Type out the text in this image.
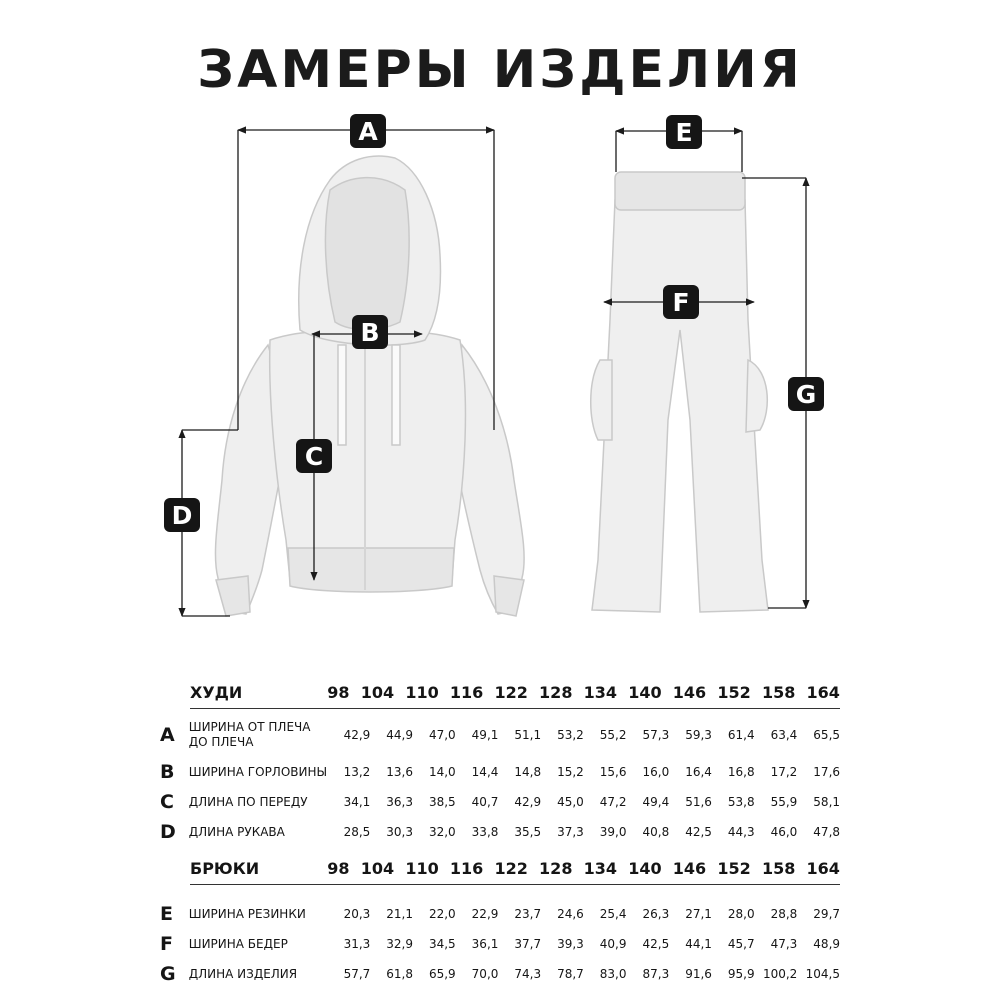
ЗАМЕРЫ ИЗДЕЛИЯ
A
B
C
D
E
F
G
ХУДИ	98 104 110 116 122 128 134 140 146 152 158 164
A	ШИРИНА ОТ ПЛЕЧА ДО ПЛЕЧА	42,9	44,9	47,0	49,1	51,1	53,2	55,2	57,3	59,3	61,4	63,4	65,5
B	ШИРИНА ГОРЛОВИНЫ	13,2	13,6	14,0	14,4	14,8	15,2	15,6	16,0	16,4	16,8	17,2	17,6
C	ДЛИНА ПО ПЕРЕДУ	34,1	36,3	38,5	40,7	42,9	45,0	47,2	49,4	51,6	53,8	55,9	58,1
D	ДЛИНА РУКАВА	28,5	30,3	32,0	33,8	35,5	37,3	39,0	40,8	42,5	44,3	46,0	47,8
БРЮКИ	98 104 110 116 122 128 134 140 146 152 158 164
E	ШИРИНА РЕЗИНКИ	20,3	21,1	22,0	22,9	23,7	24,6	25,4	26,3	27,1	28,0	28,8	29,7
F	ШИРИНА БЕДЕР	31,3	32,9	34,5	36,1	37,7	39,3	40,9	42,5	44,1	45,7	47,3	48,9
G	ДЛИНА ИЗДЕЛИЯ	57,7	61,8	65,9	70,0	74,3	78,7	83,0	87,3	91,6	95,9 100,2 104,5
